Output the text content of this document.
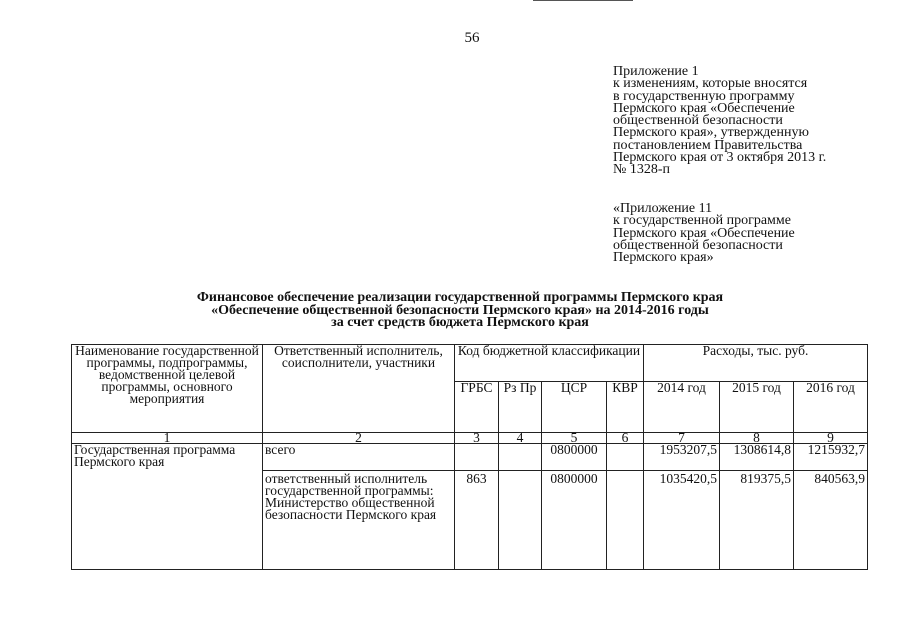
56
Приложение 1
к изменениям, которые вносятся
в государственную программу
Пермского края «Обеспечение
общественной безопасности
Пермского края», утвержденную
постановлением Правительства
Пермского края от 3 октября 2013 г.
№ 1328-п
«Приложение 11
к государственной программе
Пермского края «Обеспечение
общественной безопасности
Пермского края»
Финансовое обеспечение реализации государственной программы Пермского края
«Обеспечение общественной безопасности Пермского края» на 2014-2016 годы
за счет средств бюджета Пермского края
Наименование государственной программы, подпрограммы, ведомственной целевой программы, основного мероприятия	Ответственный исполнитель, соисполнители, участники	Код бюджетной классификации				Расходы, тыс. руб.		
		ГРБС	Рз Пр	ЦСР	КВР	2014 год	2015 год	2016 год
1	2	3	4	5	6	7	8	9
Государственная программа Пермского края	всего			0800000		1953207,5	1308614,8	1215932,7
	ответственный исполнитель государственной программы: Министерство общественной безопасности Пермского края	863		0800000		1035420,5	819375,5	840563,9
